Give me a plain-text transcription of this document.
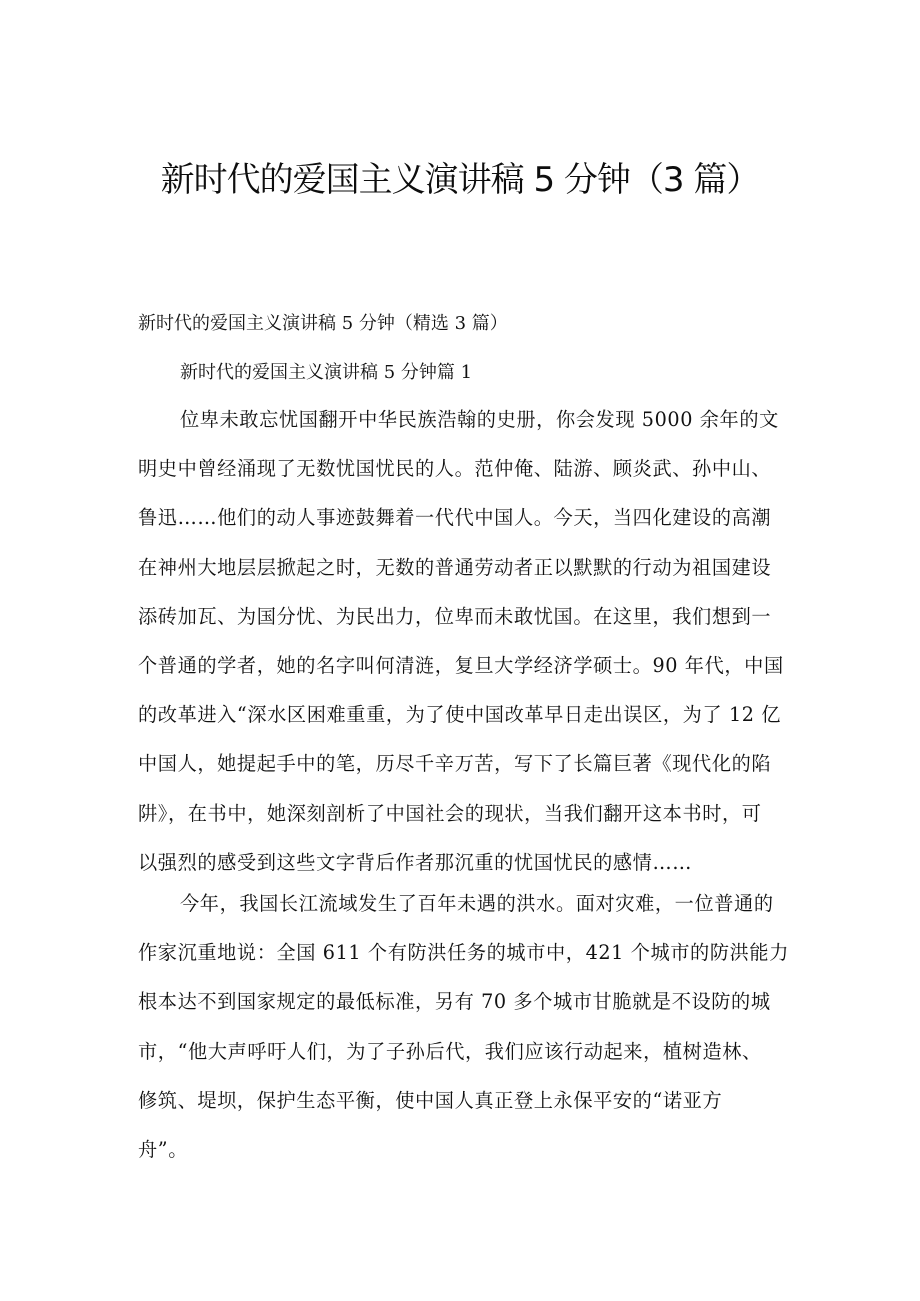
新时代的爱国主义演讲稿 5 分钟（3 篇）

新时代的爱国主义演讲稿 5 分钟（精选 3 篇）

新时代的爱国主义演讲稿 5 分钟篇 1

位卑未敢忘忧国翻开中华民族浩翰的史册，你会发现 5000 余年的文
明史中曾经涌现了无数忧国忧民的人。范仲俺、陆游、顾炎武、孙中山、
鲁迅……他们的动人事迹鼓舞着一代代中国人。今天，当四化建设的高潮
在神州大地层层掀起之时，无数的普通劳动者正以默默的行动为祖国建设
添砖加瓦、为国分忧、为民出力，位卑而未敢忧国。在这里，我们想到一
个普通的学者，她的名字叫何清涟，复旦大学经济学硕士。90 年代，中国
的改革进入“深水区困难重重，为了使中国改革早日走出误区，为了 12 亿
中国人，她提起手中的笔，历尽千辛万苦，写下了长篇巨著《现代化的陷
阱》，在书中，她深刻剖析了中国社会的现状，当我们翻开这本书时，可
以强烈的感受到这些文字背后作者那沉重的忧国忧民的感情……
今年，我国长江流域发生了百年未遇的洪水。面对灾难，一位普通的
作家沉重地说：全国 611 个有防洪任务的城市中，421 个城市的防洪能力
根本达不到国家规定的最低标准，另有 70 多个城市甘脆就是不设防的城
市，“他大声呼吁人们，为了子孙后代，我们应该行动起来，植树造林、
修筑、堤坝，保护生态平衡，使中国人真正登上永保平安的“诺亚方
舟”。
